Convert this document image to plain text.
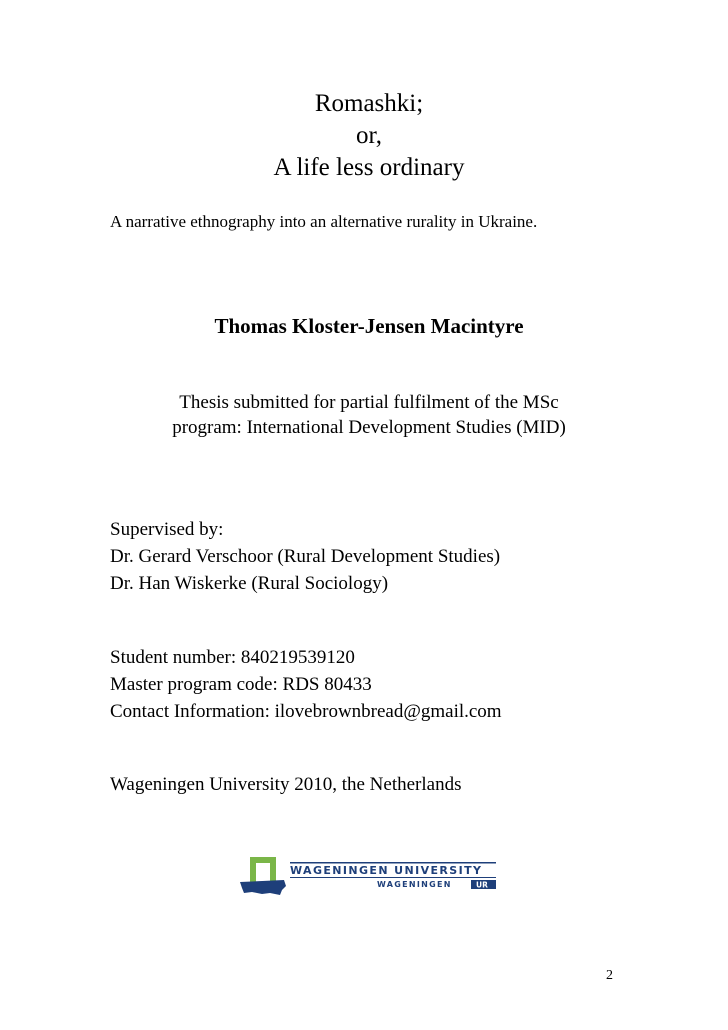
Romashki;
or,
A life less ordinary
A narrative ethnography into an alternative rurality in Ukraine.
Thomas Kloster-Jensen Macintyre
Thesis submitted for partial fulfilment of the MSc
program: International Development Studies (MID)
Supervised by:
Dr. Gerard Verschoor (Rural Development Studies)
Dr. Han Wiskerke (Rural Sociology)
Student number: 840219539120
Master program code: RDS 80433
Contact Information: ilovebrownbread@gmail.com
Wageningen University 2010, the Netherlands
WAGENINGEN UNIVERSITY
WAGENINGEN	UR
2
